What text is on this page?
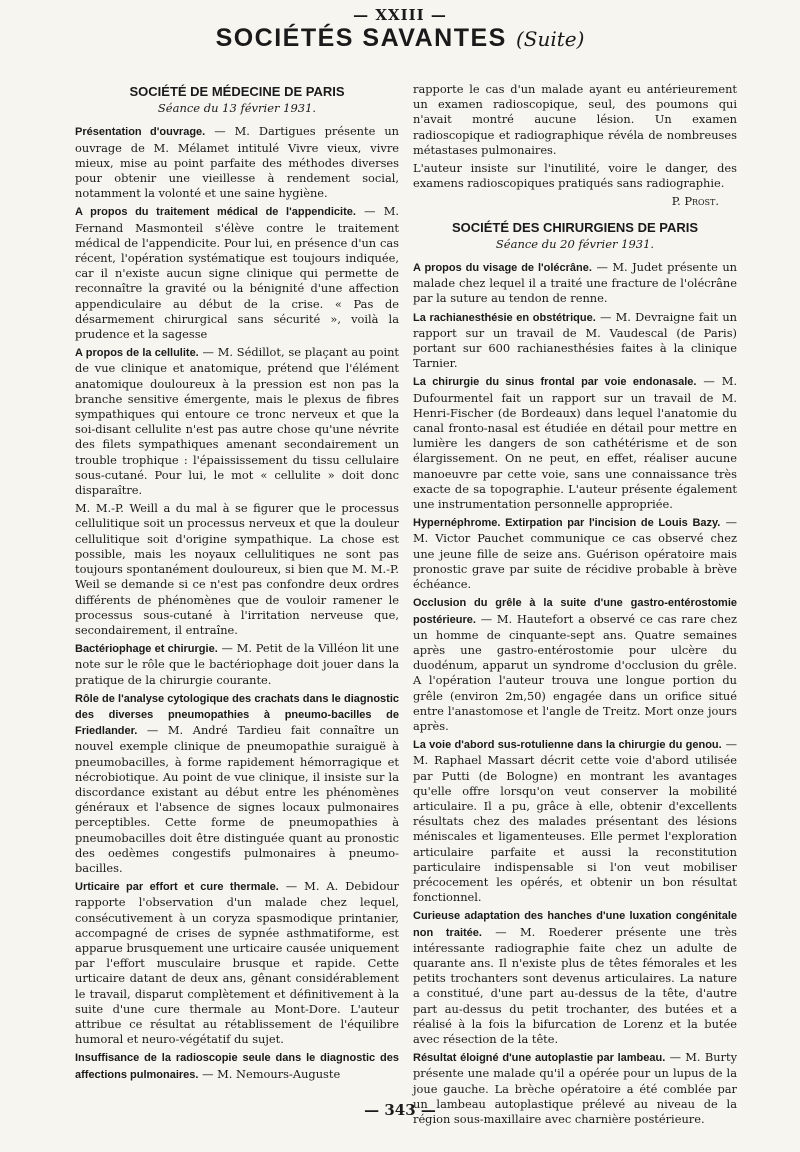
— XXIII —
SOCIÉTÉS SAVANTES (Suite)
SOCIÉTÉ DE MÉDECINE DE PARIS
Séance du 13 février 1931.

Présentation d'ouvrage. — M. Dartigues présente un ouvrage de M. Mélamet intitulé Vivre vieux, vivre mieux, mise au point parfaite des méthodes diverses pour obtenir une vieillesse à rendement social, notamment la volonté et une saine hygiène.

A propos du traitement médical de l'appendicite. — M. Fernand Masmonteil s'élève contre le traitement médical de l'appendicite. Pour lui, en présence d'un cas récent, l'opération systématique est toujours indiquée, car il n'existe aucun signe clinique qui permette de reconnaître la gravité ou la bénignité d'une affection appendiculaire au début de la crise. « Pas de désarmement chirurgical sans sécurité », voilà la prudence et la sagesse

A propos de la cellulite. — M. Sédillot, se plaçant au point de vue clinique et anatomique, prétend que l'élément anatomique douloureux à la pression est non pas la branche sensitive émergente, mais le plexus de fibres sympathiques qui entoure ce tronc nerveux et que la soi-disant cellulite n'est pas autre chose qu'une névrite des filets sympathiques amenant secondairement un trouble trophique : l'épaississement du tissu cellulaire sous-cutané. Pour lui, le mot « cellulite » doit donc disparaître.

M. M.-P. Weill a du mal à se figurer que le processus cellulitique soit un processus nerveux et que la douleur cellulitique soit d'origine sympathique. La chose est possible, mais les noyaux cellulitiques ne sont pas toujours spontanément douloureux, si bien que M. M.-P. Weil se demande si ce n'est pas confondre deux ordres différents de phénomènes que de vouloir ramener le processus sous-cutané à l'irritation nerveuse que, secondairement, il entraîne.

Bactériophage et chirurgie. — M. Petit de la Villéon lit une note sur le rôle que le bactériophage doit jouer dans la pratique de la chirurgie courante.

Rôle de l'analyse cytologique des crachats dans le diagnostic des diverses pneumopathies à pneumo-bacilles de Friedlander. — M. André Tardieu fait connaître un nouvel exemple clinique de pneumopathie suraiguë à pneumobacilles, à forme rapidement hémorragique et nécrobiotique. Au point de vue clinique, il insiste sur la discordance existant au début entre les phénomènes généraux et l'absence de signes locaux pulmonaires perceptibles. Cette forme de pneumopathies à pneumobacilles doit être distinguée quant au pronostic des oedèmes congestifs pulmonaires à pneumo-bacilles.

Urticaire par effort et cure thermale. — M. A. Debidour rapporte l'observation d'un malade chez lequel, consécutivement à un coryza spasmodique printanier, accompagné de crises de sypnée asthmatiforme, est apparue brusquement une urticaire causée uniquement par l'effort musculaire brusque et rapide. Cette urticaire datant de deux ans, gênant considérablement le travail, disparut complètement et définitivement à la suite d'une cure thermale au Mont-Dore. L'auteur attribue ce résultat au rétablissement de l'équilibre humoral et neuro-végétatif du sujet.

Insuffisance de la radioscopie seule dans le diagnostic des affections pulmonaires. — M. Nemours-Auguste

rapporte le cas d'un malade ayant eu antérieurement un examen radioscopique, seul, des poumons qui n'avait montré aucune lésion. Un examen radioscopique et radiographique révéla de nombreuses métastases pulmonaires.

L'auteur insiste sur l'inutilité, voire le danger, des examens radioscopiques pratiqués sans radiographie.

P. Prost.
SOCIÉTÉ DES CHIRURGIENS DE PARIS
Séance du 20 février 1931.

A propos du visage de l'olécrâne. — M. Judet présente un malade chez lequel il a traité une fracture de l'olécrâne par la suture au tendon de renne.

La rachianesthésie en obstétrique. — M. Devraigne fait un rapport sur un travail de M. Vaudescal (de Paris) portant sur 600 rachianesthésies faites à la clinique Tarnier.

La chirurgie du sinus frontal par voie endonasale. — M. Dufourmentel fait un rapport sur un travail de M. Henri-Fischer (de Bordeaux) dans lequel l'anatomie du canal fronto-nasal est étudiée en détail pour mettre en lumière les dangers de son cathétérisme et de son élargissement. On ne peut, en effet, réaliser aucune manoeuvre par cette voie, sans une connaissance très exacte de sa topographie. L'auteur présente également une instrumentation personnelle appropriée.

Hypernéphrome. Extirpation par l'incision de Louis Bazy. — M. Victor Pauchet communique ce cas observé chez une jeune fille de seize ans. Guérison opératoire mais pronostic grave par suite de récidive probable à brève échéance.

Occlusion du grêle à la suite d'une gastro-entérostomie postérieure. — M. Hautefort a observé ce cas rare chez un homme de cinquante-sept ans. Quatre semaines après une gastro-entérostomie pour ulcère du duodénum, apparut un syndrome d'occlusion du grêle. A l'opération l'auteur trouva une longue portion du grêle (environ 2m,50) engagée dans un orifice situé entre l'anastomose et l'angle de Treitz. Mort onze jours après.

La voie d'abord sus-rotulienne dans la chirurgie du genou. — M. Raphael Massart décrit cette voie d'abord utilisée par Putti (de Bologne) en montrant les avantages qu'elle offre lorsqu'on veut conserver la mobilité articulaire. Il a pu, grâce à elle, obtenir d'excellents résultats chez des malades présentant des lésions méniscales et ligamenteuses. Elle permet l'exploration articulaire parfaite et aussi la reconstitution particulaire indispensable si l'on veut mobiliser précocement les opérés, et obtenir un bon résultat fonctionnel.

Curieuse adaptation des hanches d'une luxation congénitale non traitée. — M. Roederer présente une très intéressante radiographie faite chez un adulte de quarante ans. Il n'existe plus de têtes fémorales et les petits trochanters sont devenus articulaires. La nature a constitué, d'une part au-dessus de la tête, d'autre part au-dessus du petit trochanter, des butées et a réalisé à la fois la bifurcation de Lorenz et la butée avec résection de la tête.

Résultat éloigné d'une autoplastie par lambeau. — M. Burty présente une malade qu'il a opérée pour un lupus de la joue gauche. La brèche opératoire a été comblée par un lambeau autoplastique prélevé au niveau de la région sous-maxillaire avec charnière postérieure.

— 343 —
